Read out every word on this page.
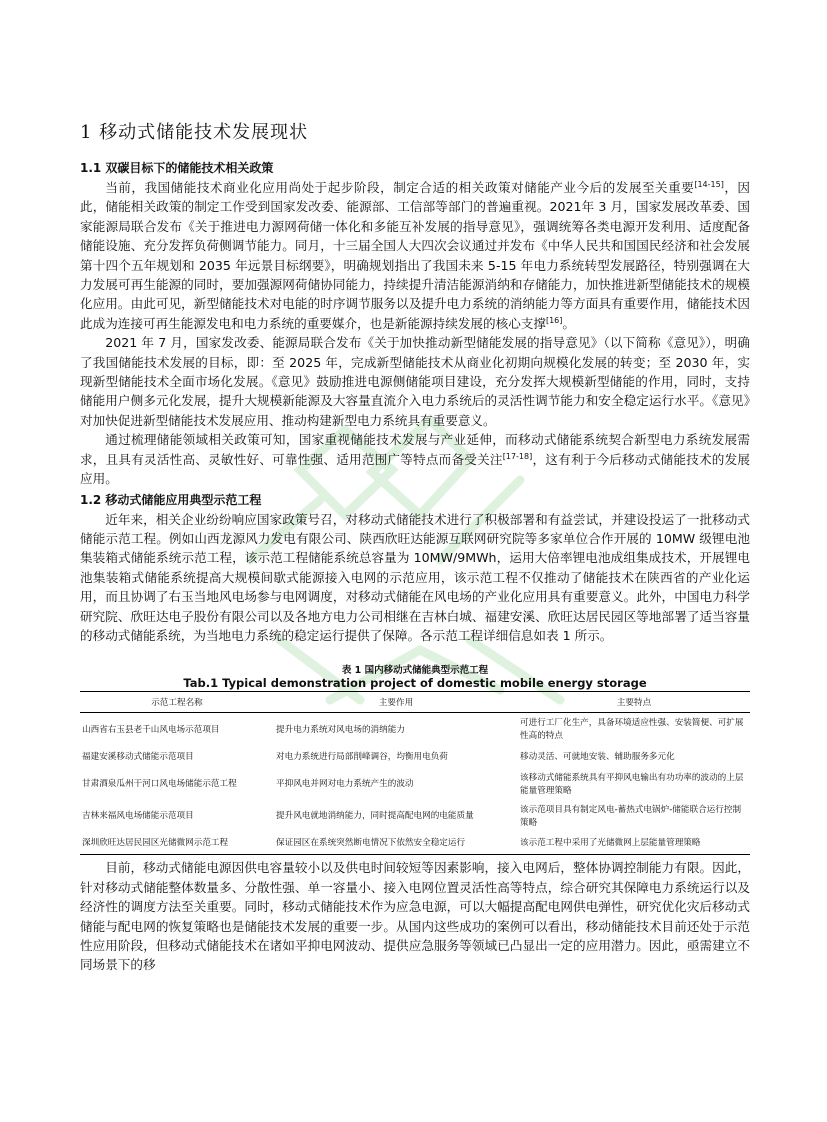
1 移动式储能技术发展现状
1.1 双碳目标下的储能技术相关政策

当前，我国储能技术商业化应用尚处于起步阶段，制定合适的相关政策对储能产业今后的发展至关重要[14-15]，因此，储能相关政策的制定工作受到国家发改委、能源部、工信部等部门的普遍重视。2021年 3 月，国家发展改革委、国家能源局联合发布《关于推进电力源网荷储一体化和多能互补发展的指导意见》，强调统筹各类电源开发利用、适度配备储能设施、充分发挥负荷侧调节能力。同月，十三届全国人大四次会议通过并发布《中华人民共和国国民经济和社会发展第十四个五年规划和 2035 年远景目标纲要》，明确规划指出了我国未来 5-15 年电力系统转型发展路径，特别强调在大力发展可再生能源的同时，要加强源网荷储协同能力，持续提升清洁能源消纳和存储能力，加快推进新型储能技术的规模化应用。由此可见，新型储能技术对电能的时序调节服务以及提升电力系统的消纳能力等方面具有重要作用，储能技术因此成为连接可再生能源发电和电力系统的重要媒介，也是新能源持续发展的核心支撑[16]。

2021 年 7 月，国家发改委、能源局联合发布《关于加快推动新型储能发展的指导意见》（以下简称《意见》），明确了我国储能技术发展的目标，即：至 2025 年，完成新型储能技术从商业化初期向规模化发展的转变；至 2030 年，实现新型储能技术全面市场化发展。《意见》鼓励推进电源侧储能项目建设，充分发挥大规模新型储能的作用，同时，支持储能用户侧多元化发展，提升大规模新能源及大容量直流介入电力系统后的灵活性调节能力和安全稳定运行水平。《意见》对加快促进新型储能技术发展应用、推动构建新型电力系统具有重要意义。

通过梳理储能领域相关政策可知，国家重视储能技术发展与产业延伸，而移动式储能系统契合新型电力系统发展需求，且具有灵活性高、灵敏性好、可靠性强、适用范围广等特点而备受关注[17-18]，这有利于今后移动式储能技术的发展应用。

1.2 移动式储能应用典型示范工程

近年来，相关企业纷纷响应国家政策号召，对移动式储能技术进行了积极部署和有益尝试，并建设投运了一批移动式储能示范工程。例如山西龙源风力发电有限公司、陕西欣旺达能源互联网研究院等多家单位合作开展的 10MW 级锂电池集装箱式储能系统示范工程，该示范工程储能系统总容量为 10MW/9MWh，运用大倍率锂电池成组集成技术，开展锂电池集装箱式储能系统提高大规模间歇式能源接入电网的示范应用，该示范工程不仅推动了储能技术在陕西省的产业化运用，而且协调了右玉当地风电场参与电网调度，对移动式储能在风电场的产业化应用具有重要意义。此外，中国电力科学研究院、欣旺达电子股份有限公司以及各地方电力公司相继在吉林白城、福建安溪、欣旺达居民园区等地部署了适当容量的移动式储能系统，为当地电力系统的稳定运行提供了保障。各示范工程详细信息如表 1 所示。

表 1 国内移动式储能典型示范工程
Tab.1 Typical demonstration project of domestic mobile energy storage
示范工程名称	主要作用	主要特点
山西省右玉县老千山风电场示范项目	提升电力系统对风电场的消纳能力	可进行工厂化生产，具备环境适应性强、安装简便、可扩展性高的特点
福建安溪移动式储能示范项目	对电力系统进行局部削峰调谷，均衡用电负荷	移动灵活、可就地安装、辅助服务多元化
甘肃酒泉瓜州干河口风电场储能示范工程	平抑风电并网对电力系统产生的波动	该移动式储能系统具有平抑风电输出有功功率的波动的上层能量管理策略
吉林来福风电场储能示范项目	提升风电就地消纳能力，同时提高配电网的电能质量	该示范项目具有制定风电-蓄热式电锅炉-储能联合运行控制策略
深圳欣旺达居民园区光储微网示范工程	保证园区在系统突然断电情况下依然安全稳定运行	该示范工程中采用了光储微网上层能量管理策略

目前，移动式储能电源因供电容量较小以及供电时间较短等因素影响，接入电网后，整体协调控制能力有限。因此，针对移动式储能整体数量多、分散性强、单一容量小、接入电网位置灵活性高等特点，综合研究其保障电力系统运行以及经济性的调度方法至关重要。同时，移动式储能技术作为应急电源，可以大幅提高配电网供电弹性，研究优化灾后移动式储能与配电网的恢复策略也是储能技术发展的重要一步。从国内这些成功的案例可以看出，移动储能技术目前还处于示范性应用阶段，但移动式储能技术在诸如平抑电网波动、提供应急服务等领域已凸显出一定的应用潜力。因此，亟需建立不同场景下的移
